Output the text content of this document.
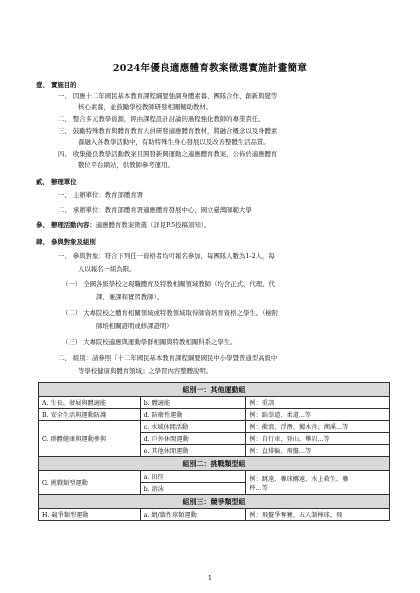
2024年優良適應體育教案徵選實施計畫簡章
壹、 實施目的
一、 因應十二年國民基本教育課程綱要強調身體素養、團隊合作、創新與變等
核心素養，並鼓勵學校教師研發相關輔助教材。
二、 整合多元教學資源，經由課程設計討論的過程強化教師的專業責任。
三、 鼓勵特殊教育與體育教育人員研發適應體育教材，將融合概念以及身體素
養融入各教學活動中，有助特殊生身心發展以及改善整體生活品質。
四、 收集優良教學活動教案且開發新興運動之適應體育教案，公佈於適應體育
數位平台網站，供教師參考運用。
貳、 辦理單位
一、 主辦單位：教育部體育署
二、 承辦單位：教育部體育署適應體育發展中心、國立臺灣師範大學
參、 辦理活動內容：適應體育教案徵選（詳見P.5投稿須知）。
肆、 參與對象及組別
一、 參與對象：符合下列任一資格者均可報名參加，每團隊人數為1-2人，每
人以報名一組為限。
（一） 全國各級學校之現職體育及特教相關領域教師（均含正式、代理、代
課、兼課和實習教師）。
（二） 大專院校之體育相關領域或特教領域取得師資培育資格之學生。（檢附
師培相關證明或修課證明）
（三） 大專院校適應與運動學群相關與特教相關科系之學生。
二、 組別：請參照『十二年國民基本教育課程綱要國民中小學暨普通型高級中
等學校健康與體育領域』之學習內容整體說明。
組別一：其他運動組		
A. 生長、發展與體適能	b. 體適能	例：重訓
B. 安全生活與運動防護	d. 防衛性運動	例：跆拳道、柔道...等
C. 群體健康與運動參與	c. 水域休閒活動	例：衝浪、浮潛、獨木舟、溯溪…等
	d. 戶外休閒運動	例：自行車、登山、攀岩…等
	e. 其他休閒運動	例：直排輪、飛盤…等
組別二：挑戰類型組		
G. 挑戰類型運動	a. 田徑	例：跳遠、疊球擲遠、水上救生、疊
杯…等
	b. 游泳	
組別三：競爭類型組		
H. 競爭類型運動	a. 網/牆性球類運動	例：飛盤爭奪賽、五人制棒球、飛
1
